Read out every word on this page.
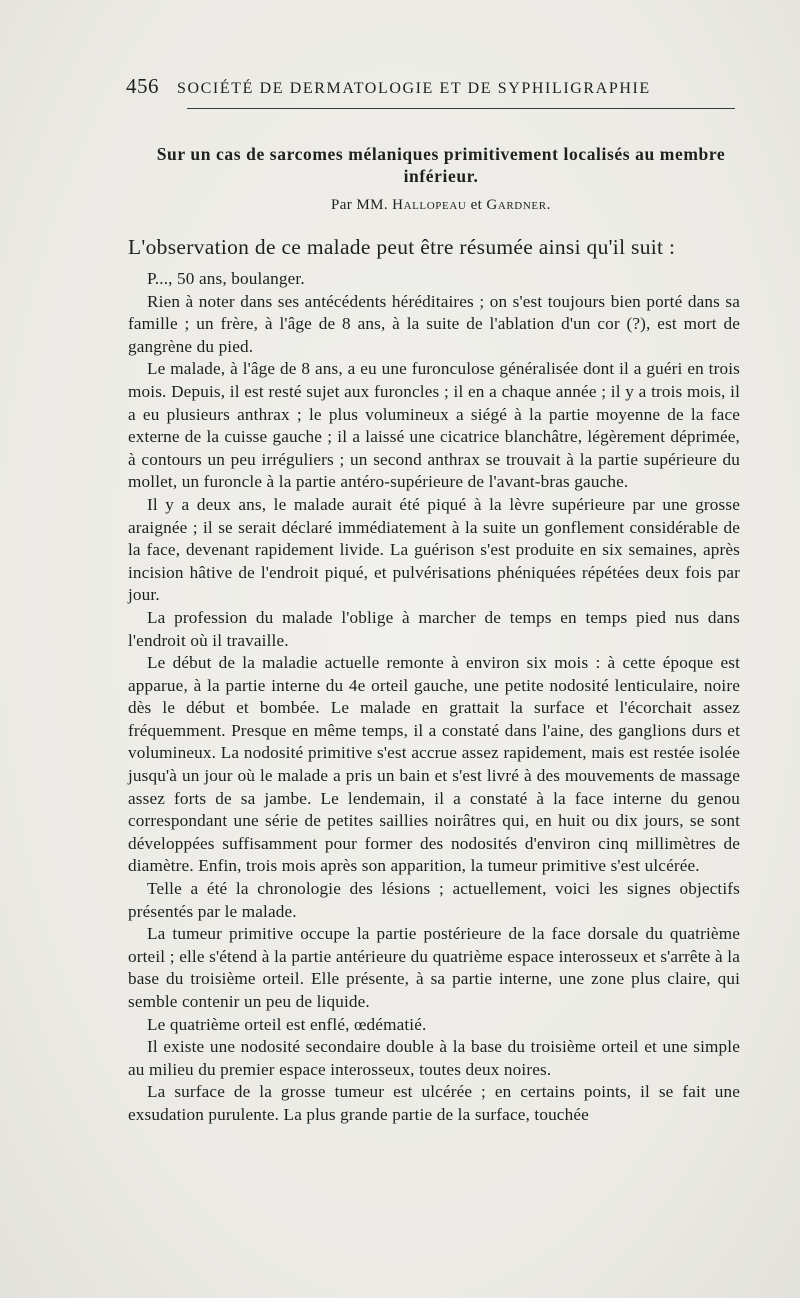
456 SOCIÉTÉ DE DERMATOLOGIE ET DE SYPHILIGRAPHIE
Sur un cas de sarcomes mélaniques primitivement localisés au membre inférieur.
Par MM. Hallopeau et Gardner.
L'observation de ce malade peut être résumée ainsi qu'il suit :

P..., 50 ans, boulanger.

Rien à noter dans ses antécédents héréditaires ; on s'est toujours bien porté dans sa famille ; un frère, à l'âge de 8 ans, à la suite de l'ablation d'un cor (?), est mort de gangrène du pied.

Le malade, à l'âge de 8 ans, a eu une furonculose généralisée dont il a guéri en trois mois. Depuis, il est resté sujet aux furoncles ; il en a chaque année ; il y a trois mois, il a eu plusieurs anthrax ; le plus volumineux a siégé à la partie moyenne de la face externe de la cuisse gauche ; il a laissé une cicatrice blanchâtre, légèrement déprimée, à contours un peu irréguliers ; un second anthrax se trouvait à la partie supérieure du mollet, un furoncle à la partie antéro-supérieure de l'avant-bras gauche.

Il y a deux ans, le malade aurait été piqué à la lèvre supérieure par une grosse araignée ; il se serait déclaré immédiatement à la suite un gonflement considérable de la face, devenant rapidement livide. La guérison s'est produite en six semaines, après incision hâtive de l'endroit piqué, et pulvérisations phéniquées répétées deux fois par jour.

La profession du malade l'oblige à marcher de temps en temps pied nus dans l'endroit où il travaille.

Le début de la maladie actuelle remonte à environ six mois : à cette époque est apparue, à la partie interne du 4e orteil gauche, une petite nodosité lenticulaire, noire dès le début et bombée. Le malade en grattait la surface et l'écorchait assez fréquemment. Presque en même temps, il a constaté dans l'aine, des ganglions durs et volumineux. La nodosité primitive s'est accrue assez rapidement, mais est restée isolée jusqu'à un jour où le malade a pris un bain et s'est livré à des mouvements de massage assez forts de sa jambe. Le lendemain, il a constaté à la face interne du genou correspondant une série de petites saillies noirâtres qui, en huit ou dix jours, se sont développées suffisamment pour former des nodosités d'environ cinq millimètres de diamètre. Enfin, trois mois après son apparition, la tumeur primitive s'est ulcérée.

Telle a été la chronologie des lésions ; actuellement, voici les signes objectifs présentés par le malade.

La tumeur primitive occupe la partie postérieure de la face dorsale du quatrième orteil ; elle s'étend à la partie antérieure du quatrième espace interosseux et s'arrête à la base du troisième orteil. Elle présente, à sa partie interne, une zone plus claire, qui semble contenir un peu de liquide.

Le quatrième orteil est enflé, œdématié.

Il existe une nodosité secondaire double à la base du troisième orteil et une simple au milieu du premier espace interosseux, toutes deux noires.

La surface de la grosse tumeur est ulcérée ; en certains points, il se fait une exsudation purulente. La plus grande partie de la surface, touchée
